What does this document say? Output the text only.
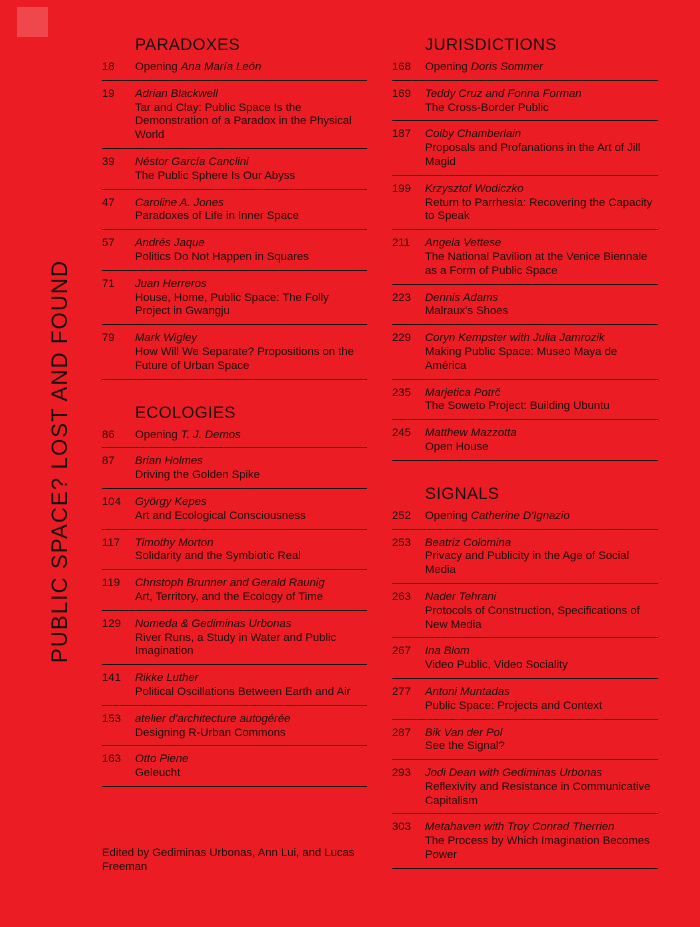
PUBLIC SPACE? LOST AND FOUND
PARADOXES
18	Opening Ana María León
19	Adrian Blackwell
Tar and Clay: Public Space Is the Demonstration of a Paradox in the Physical World
39	Néstor García Canclini
The Public Sphere Is Our Abyss
47	Caroline A. Jones
Paradoxes of Life in Inner Space
57	Andrés Jaque
Politics Do Not Happen in Squares
71	Juan Herreros
House, Home, Public Space: The Folly Project in Gwangju
79	Mark Wigley
How Will We Separate? Propositions on the Future of Urban Space
ECOLOGIES
86	Opening T. J. Demos
87	Brian Holmes
Driving the Golden Spike
104	György Kepes
Art and Ecological Consciousness
117	Timothy Morton
Solidarity and the Symbiotic Real
119	Christoph Brunner and Gerald Raunig
Art, Territory, and the Ecology of Time
129	Nomeda & Gediminas Urbonas
River Runs, a Study in Water and Public Imagination
141	Rikke Luther
Political Oscillations Between Earth and Air
153	atelier d'architecture autogérée
Designing R-Urban Commons
163	Otto Piene
Geleucht
JURISDICTIONS
168	Opening Doris Sommer
169	Teddy Cruz and Fonna Forman
The Cross-Border Public
187	Colby Chamberlain
Proposals and Profanations in the Art of Jill Magid
199	Krzysztof Wodiczko
Return to Parrhesia: Recovering the Capacity to Speak
211	Angela Vettese
The National Pavilion at the Venice Biennale as a Form of Public Space
223	Dennis Adams
Malraux's Shoes
229	Coryn Kempster with Julia Jamrozik
Making Public Space: Museo Maya de América
235	Marjetica Potrč
The Soweto Project: Building Ubuntu
245	Matthew Mazzotta
Open House
SIGNALS
252	Opening Catherine D'Ignazio
253	Beatriz Colomina
Privacy and Publicity in the Age of Social Media
263	Nader Tehrani
Protocols of Construction, Specifications of New Media
267	Ina Blom
Video Public, Video Sociality
277	Antoni Muntadas
Public Space: Projects and Context
287	Bik Van der Pol
See the Signal?
293	Jodi Dean with Gediminas Urbonas
Reflexivity and Resistance in Communicative Capitalism
303	Metahaven with Troy Conrad Therrien
The Process by Which Imagination Becomes Power
Edited by Gediminas Urbonas, Ann Lui, and Lucas Freeman
